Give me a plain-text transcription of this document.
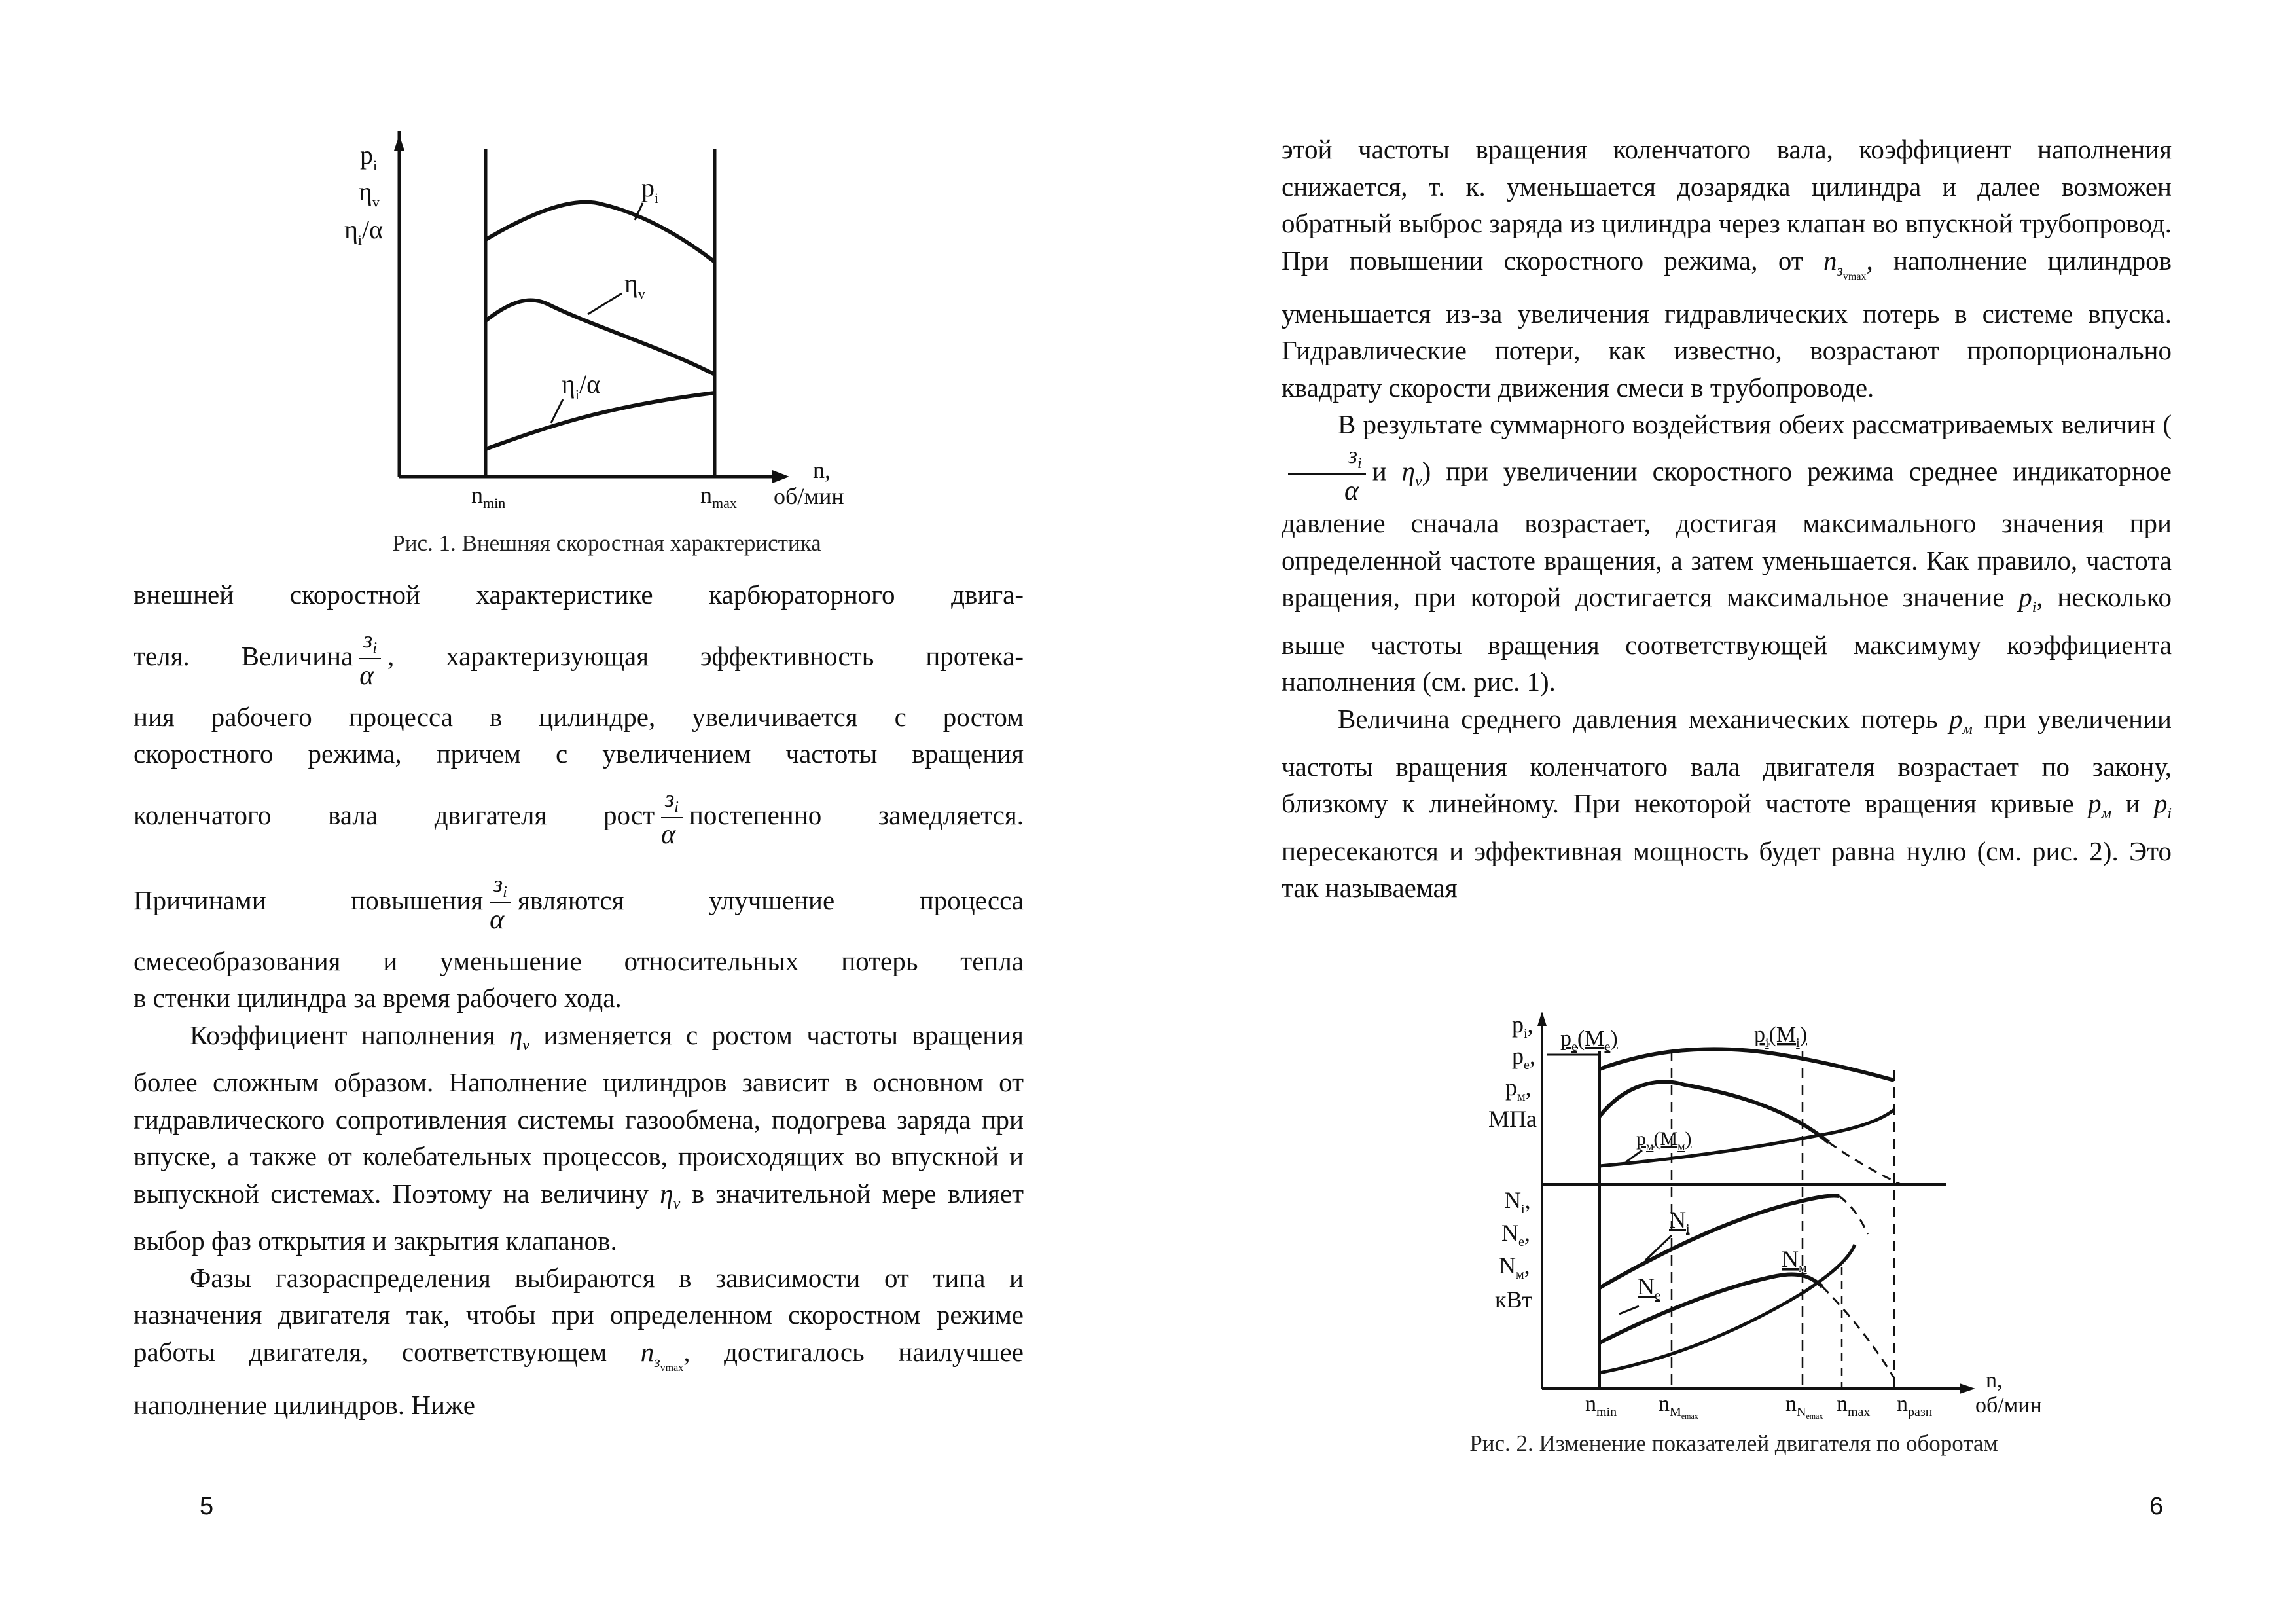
$p_i$
$\eta_v$
$\eta_i/\alpha$
$p_i$
$\eta_v$
$\eta_i/\alpha$
$n_{min}$	$n_{max}$
n,
об/мин
Рис. 1. Внешняя скоростная характеристика

внешней скоростной характеристике карбюраторного двига-

теля. Величина $\frac{з_i}{\alpha}$ , характеризующая эффективность протека-

ния рабочего процесса в цилиндре, увеличивается с ростом

скоростного режима, причем с увеличением частоты вращения

коленчатого вала двигателя рост $\frac{з_i}{\alpha}$ постепенно замедляется.

Причинами повышения $\frac{з_i}{\alpha}$ являются улучшение процесса

смесеобразования и уменьшение относительных потерь тепла

в стенки цилиндра за время рабочего хода.

Коэффициент наполнения $\eta_v$ изменяется с ростом частоты вращения более сложным образом. Наполнение цилиндров зависит в основном от гидравлического сопротивления системы газообмена, подогрева заряда при впуске, а также от колебательных процессов, происходящих во впускной и выпускной системах. Поэтому на величину $\eta_v$ в значительной мере влияет выбор фаз открытия и закрытия клапанов.

Фазы газораспределения выбираются в зависимости от типа и назначения двигателя так, чтобы при определенном скоростном режиме работы двигателя, соответствующем $n_{з_{vmax}}$, достигалось наилучшее наполнение цилиндров. Ниже

5

этой частоты вращения коленчатого вала, коэффициент наполнения снижается, т. к. уменьшается дозарядка цилиндра и далее возможен обратный выброс заряда из цилиндра через клапан во впускной трубопровод. При повышении скоростного режима, от $n_{з_{vmax}}$, наполнение цилиндров уменьшается из-за увеличения гидравлических потерь в системе впуска. Гидравлические потери, как известно, возрастают пропорционально квадрату скорости движения смеси в трубопроводе.

В результате суммарного воздействия обеих рассматриваемых величин (
$\frac{з_i}{\alpha}$ и $\eta_v$) при увеличении скоростного режима среднее индикаторное давление сначала возрастает, достигая максимального значения при определенной частоте вращения, а затем уменьшается. Как правило, частота вращения, при которой достигается максимальное значение $p_i$, несколько выше частоты вращения соответствующей максимуму коэффициента наполнения (см. рис. 1).

Величина среднего давления механических потерь $p_м$ при увеличении частоты вращения коленчатого вала двигателя возрастает по закону, близкому к линейному. При некоторой частоте вращения кривые $p_м$ и $p_i$ пересекаются и эффективная мощность будет равна нулю (см. рис. 2). Это так называемая

$p_i$,
$p_e$,
$p_м$,
МПа
$N_i$,
$N_e$,
$N_м$,
кВт
$p_e(M_e)$	$p_i(M_i)$
$p_м(M_м)$
$N_i$
$N_e$
$N_м$
$n_{min}$ $n_Memax$	$n_Nemax$ $n_{max}$ $n_{разн}$
n,
об/мин
Рис. 2. Изменение показателей двигателя по оборотам
6
